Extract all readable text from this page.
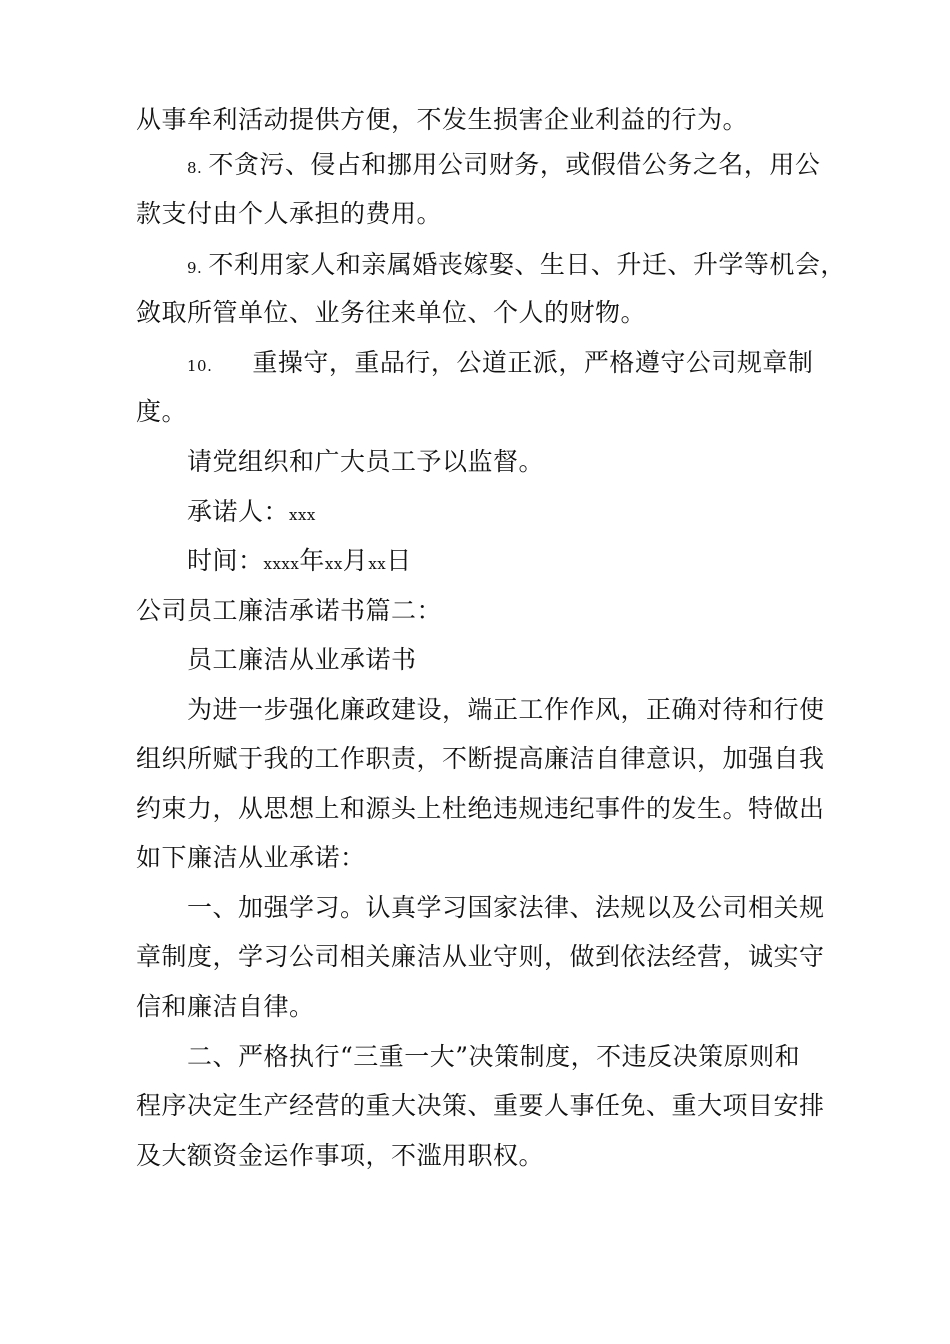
从事牟利活动提供方便，不发生损害企业利益的行为。
8. 不贪污、侵占和挪用公司财务，或假借公务之名，用公
款支付由个人承担的费用。
9. 不利用家人和亲属婚丧嫁娶、生日、升迁、升学等机会，
敛取所管单位、业务往来单位、个人的财物。
10. 重操守，重品行，公道正派，严格遵守公司规章制
度。
请党组织和广大员工予以监督。
承诺人：xxx
时间：xxxx年xx月xx日
公司员工廉洁承诺书篇二：
员工廉洁从业承诺书
为进一步强化廉政建设，端正工作作风，正确对待和行使
组织所赋于我的工作职责，不断提高廉洁自律意识，加强自我
约束力，从思想上和源头上杜绝违规违纪事件的发生。特做出
如下廉洁从业承诺：
一、加强学习。认真学习国家法律、法规以及公司相关规
章制度，学习公司相关廉洁从业守则，做到依法经营，诚实守
信和廉洁自律。
二、严格执行“三重一大”决策制度，不违反决策原则和
程序决定生产经营的重大决策、重要人事任免、重大项目安排
及大额资金运作事项，不滥用职权。
